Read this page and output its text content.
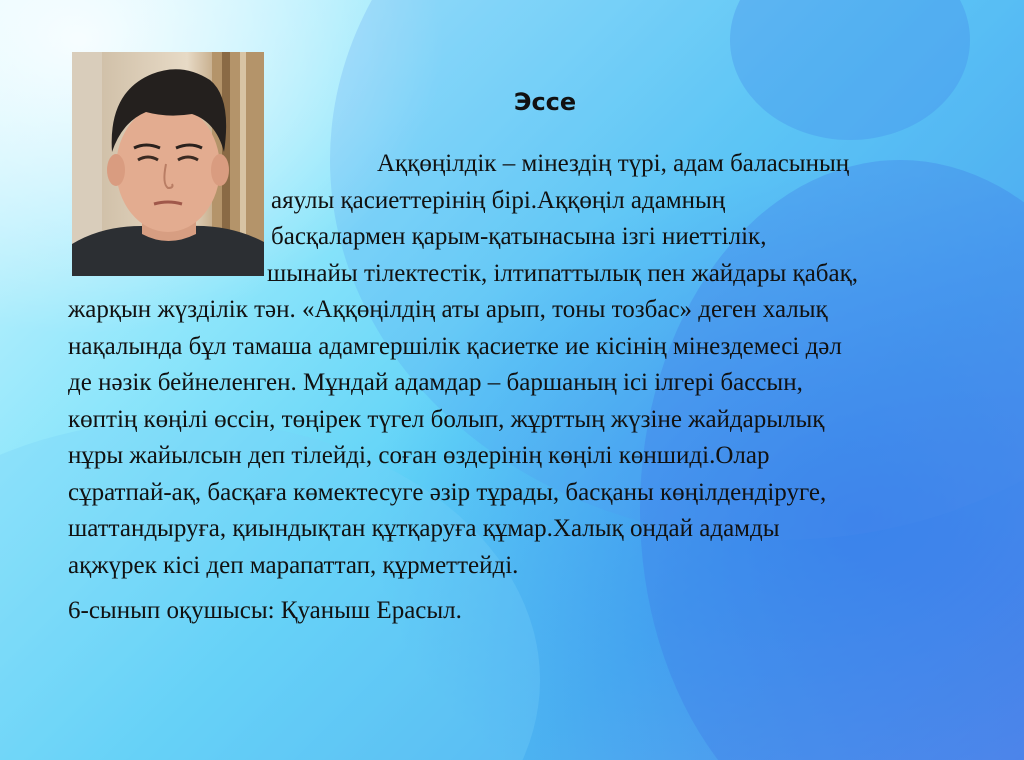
Эссе
Аққөңілдік – мінездің түрі, адам баласының
аяулы қасиеттерінің бірі.Аққөңіл адамның
басқалармен қарым-қатынасына ізгі ниеттілік,
шынайы тілектестік, ілтипаттылық пен жайдары қабақ,
жарқын жүзділік тән. «Аққөңілдің аты арып, тоны тозбас» деген халық
нақалында бұл тамаша адамгершілік қасиетке ие кісінің мінездемесі дәл
де нәзік бейнеленген. Мұндай адамдар – баршаның ісі ілгері бассын,
көптің көңілі өссін, төңірек түгел болып, жұрттың жүзіне жайдарылық
нұры жайылсын деп тілейді, соған өздерінің көңілі көншиді.Олар
сұратпай-ақ, басқаға көмектесуге әзір тұрады, басқаны көңілдендіруге,
шаттандыруға, қиындықтан құтқаруға құмар.Халық ондай адамды
ақжүрек кісі деп марапаттап, құрметтейді.
6-сынып оқушысы: Қуаныш Ерасыл.
